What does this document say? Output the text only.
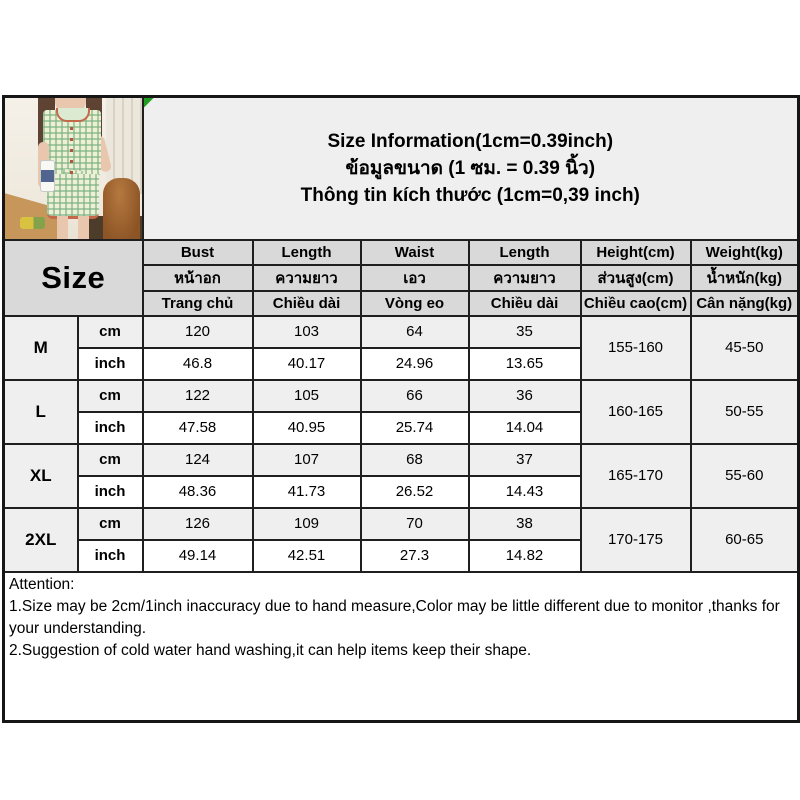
		Size Information(1cm=0.39inch)
ข้อมูลขนาด (1 ซม. = 0.39 นิ้ว)
Thông tin kích thước (1cm=0,39 inch)					

Size		Bust	Length	Waist	Length	Height(cm)	Weight(kg)
		หน้าอก	ความยาว	เอว	ความยาว	ส่วนสูง(cm)	น้ำหนัก(kg)
		Trang chủ	Chiều dài	Vòng eo	Chiều dài	Chiều cao(cm)	Cân nặng(kg)
M	cm	120	103	64	35	155-160	45-50
	inch	46.8	40.17	24.96	13.65		
L	cm	122	105	66	36	160-165	50-55
	inch	47.58	40.95	25.74	14.04		
XL	cm	124	107	68	37	165-170	55-60
	inch	48.36	41.73	26.52	14.43		
2XL	cm	126	109	70	38	170-175	60-65
	inch	49.14	42.51	27.3	14.82		

Attention:
1.Size may be 2cm/1inch inaccuracy due to hand measure,Color may be little different due to monitor ,thanks for your understanding.
2.Suggestion of cold water hand washing,it can help items keep their shape.							
